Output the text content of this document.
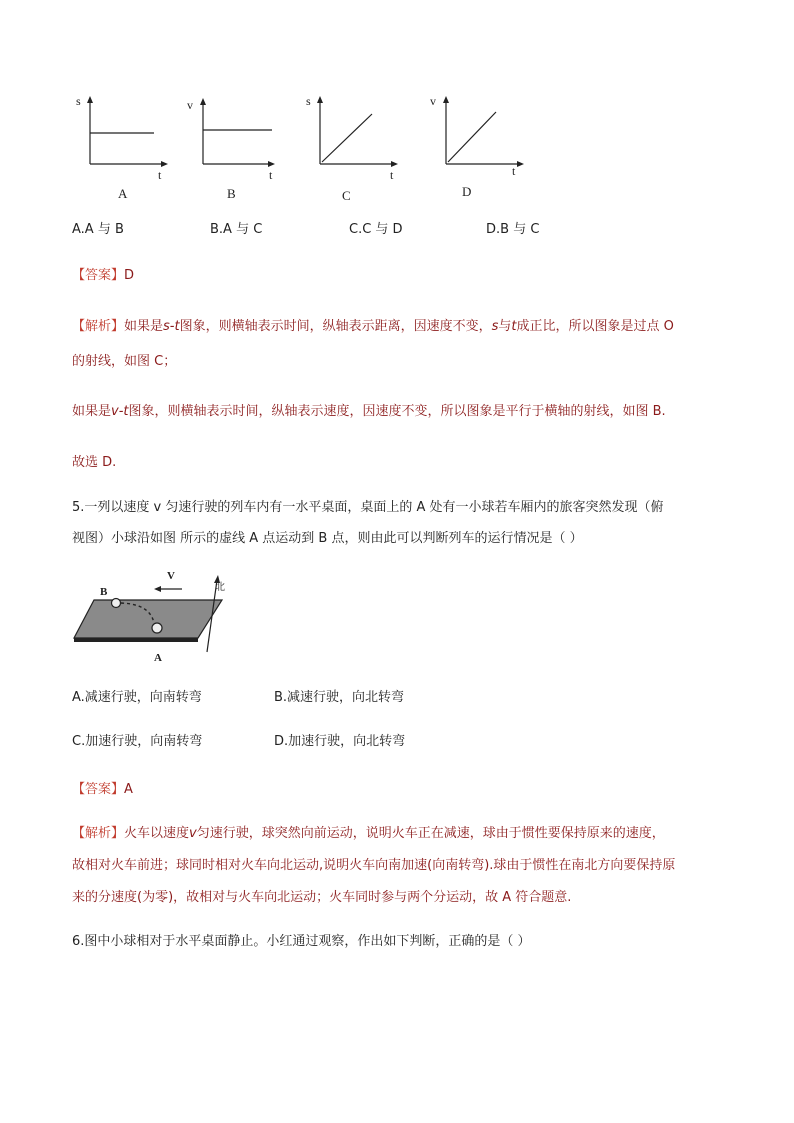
s
t
A
v
t
B
s
t
C
v
t
D
A.A 与 B	B.A 与 C	C.C 与 D	D.B 与 C
【答案】D
【解析】如果是s-t图象，则横轴表示时间，纵轴表示距离，因速度不变，s与t成正比，所以图象是过点 O
的射线，如图 C；
如果是v-t图象，则横轴表示时间，纵轴表示速度，因速度不变，所以图象是平行于横轴的射线，如图 B.
故选 D.
5.一列以速度 v 匀速行驶的列车内有一水平桌面，桌面上的 A 处有一小球若车厢内的旅客突然发现（俯
视图）小球沿如图 所示的虚线 A 点运动到 B 点，则由此可以判断列车的运行情况是（ ）
B
A
V
北
A.减速行驶，向南转弯	B.减速行驶，向北转弯
C.加速行驶，向南转弯	D.加速行驶，向北转弯
【答案】A
【解析】火车以速度v匀速行驶，球突然向前运动，说明火车正在减速，球由于惯性要保持原来的速度，
故相对火车前进；球同时相对火车向北运动,说明火车向南加速(向南转弯).球由于惯性在南北方向要保持原
来的分速度(为零)，故相对与火车向北运动；火车同时参与两个分运动，故 A 符合题意.
6.图中小球相对于水平桌面静止。小红通过观察，作出如下判断，正确的是（ ）
